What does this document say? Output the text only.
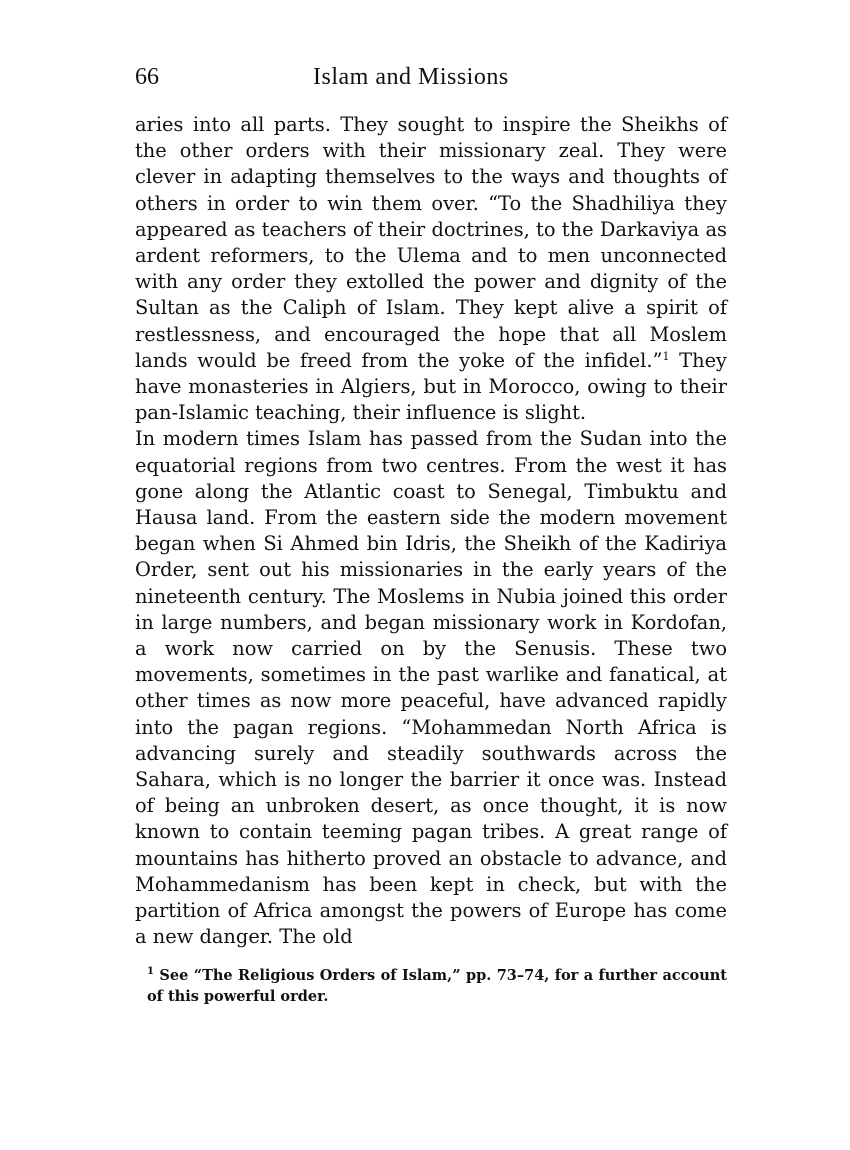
66	Islam and Missions

aries into all parts. They sought to inspire the Sheikhs of the other orders with their missionary zeal. They were clever in adapting themselves to the ways and thoughts of others in order to win them over. “To the Shadhiliya they appeared as teachers of their doctrines, to the Darkaviya as ardent reformers, to the Ulema and to men unconnected with any order they extolled the power and dignity of the Sultan as the Caliph of Islam. They kept alive a spirit of restlessness, and encouraged the hope that all Moslem lands would be freed from the yoke of the infidel.”$^1$ They have monasteries in Algiers, but in Morocco, owing to their pan-Islamic teaching, their influence is slight.

In modern times Islam has passed from the Sudan into the equatorial regions from two centres. From the west it has gone along the Atlantic coast to Senegal, Timbuktu and Hausa land. From the eastern side the modern movement began when Si Ahmed bin Idris, the Sheikh of the Kadiriya Order, sent out his missionaries in the early years of the nineteenth century. The Moslems in Nubia joined this order in large numbers, and began missionary work in Kordofan, a work now carried on by the Senusis. These two movements, sometimes in the past warlike and fanatical, at other times as now more peaceful, have advanced rapidly into the pagan regions. “Mohammedan North Africa is advancing surely and steadily southwards across the Sahara, which is no longer the barrier it once was. Instead of being an unbroken desert, as once thought, it is now known to contain teeming pagan tribes. A great range of mountains has hitherto proved an obstacle to advance, and Mohammedanism has been kept in check, but with the partition of Africa amongst the powers of Europe has come a new danger. The old

$^1$ See “The Religious Orders of Islam,” pp. 73–74, for a further account of this powerful order.
